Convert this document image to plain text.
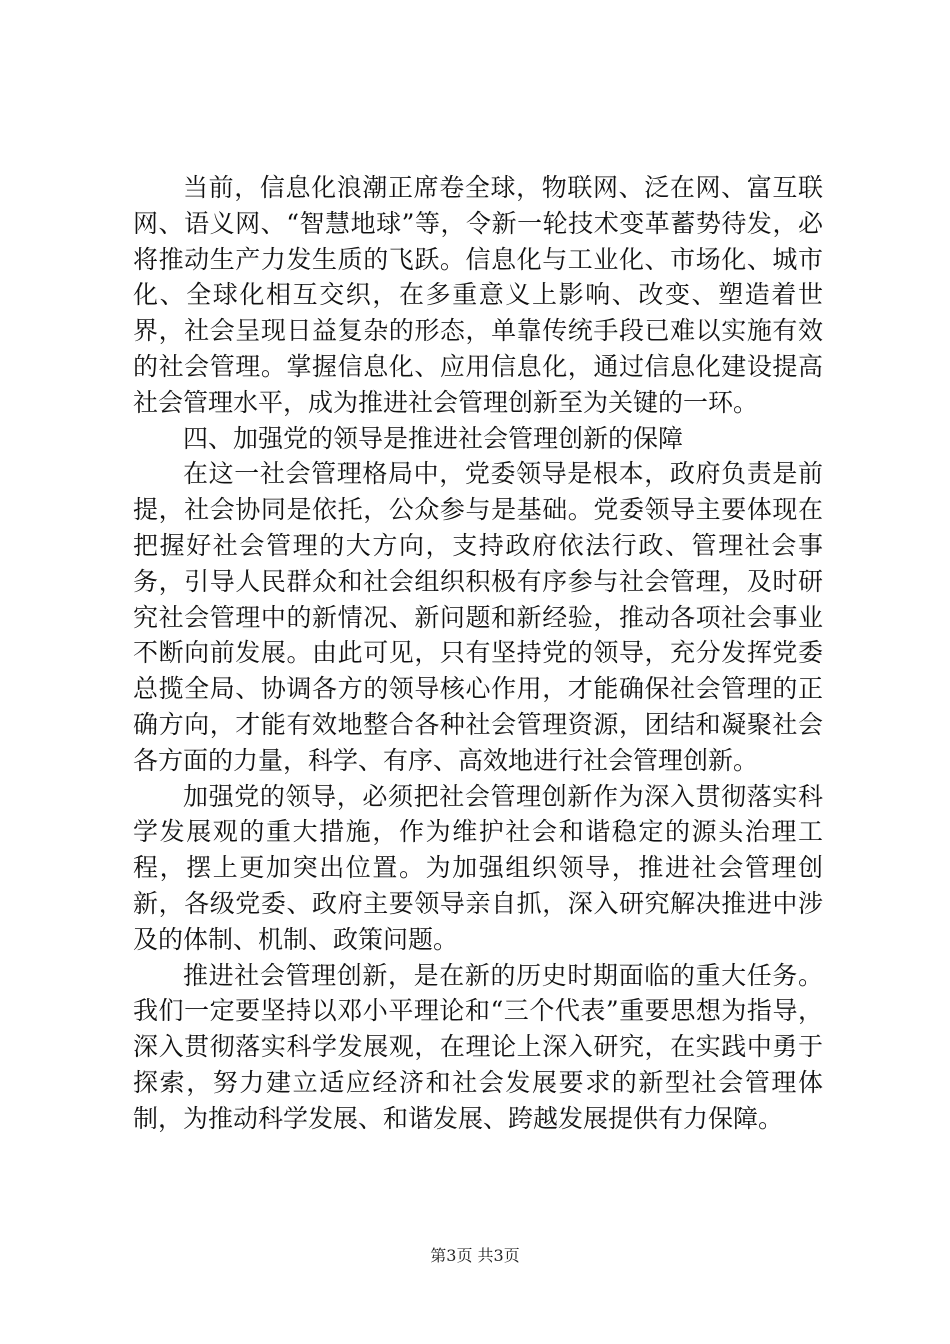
当前，信息化浪潮正席卷全球，物联网、泛在网、富互联网、语义网、“智慧地球”等，令新一轮技术变革蓄势待发，必将推动生产力发生质的飞跃。信息化与工业化、市场化、城市化、全球化相互交织，在多重意义上影响、改变、塑造着世界，社会呈现日益复杂的形态，单靠传统手段已难以实施有效的社会管理。掌握信息化、应用信息化，通过信息化建设提高社会管理水平，成为推进社会管理创新至为关键的一环。

四、加强党的领导是推进社会管理创新的保障

在这一社会管理格局中，党委领导是根本，政府负责是前提，社会协同是依托，公众参与是基础。党委领导主要体现在把握好社会管理的大方向，支持政府依法行政、管理社会事务，引导人民群众和社会组织积极有序参与社会管理，及时研究社会管理中的新情况、新问题和新经验，推动各项社会事业不断向前发展。由此可见，只有坚持党的领导，充分发挥党委总揽全局、协调各方的领导核心作用，才能确保社会管理的正确方向，才能有效地整合各种社会管理资源，团结和凝聚社会各方面的力量，科学、有序、高效地进行社会管理创新。

加强党的领导，必须把社会管理创新作为深入贯彻落实科学发展观的重大措施，作为维护社会和谐稳定的源头治理工程，摆上更加突出位置。为加强组织领导，推进社会管理创新，各级党委、政府主要领导亲自抓，深入研究解决推进中涉及的体制、机制、政策问题。

推进社会管理创新，是在新的历史时期面临的重大任务。我们一定要坚持以邓小平理论和“三个代表”重要思想为指导，深入贯彻落实科学发展观，在理论上深入研究，在实践中勇于探索，努力建立适应经济和社会发展要求的新型社会管理体制，为推动科学发展、和谐发展、跨越发展提供有力保障。

第3页 共3页
